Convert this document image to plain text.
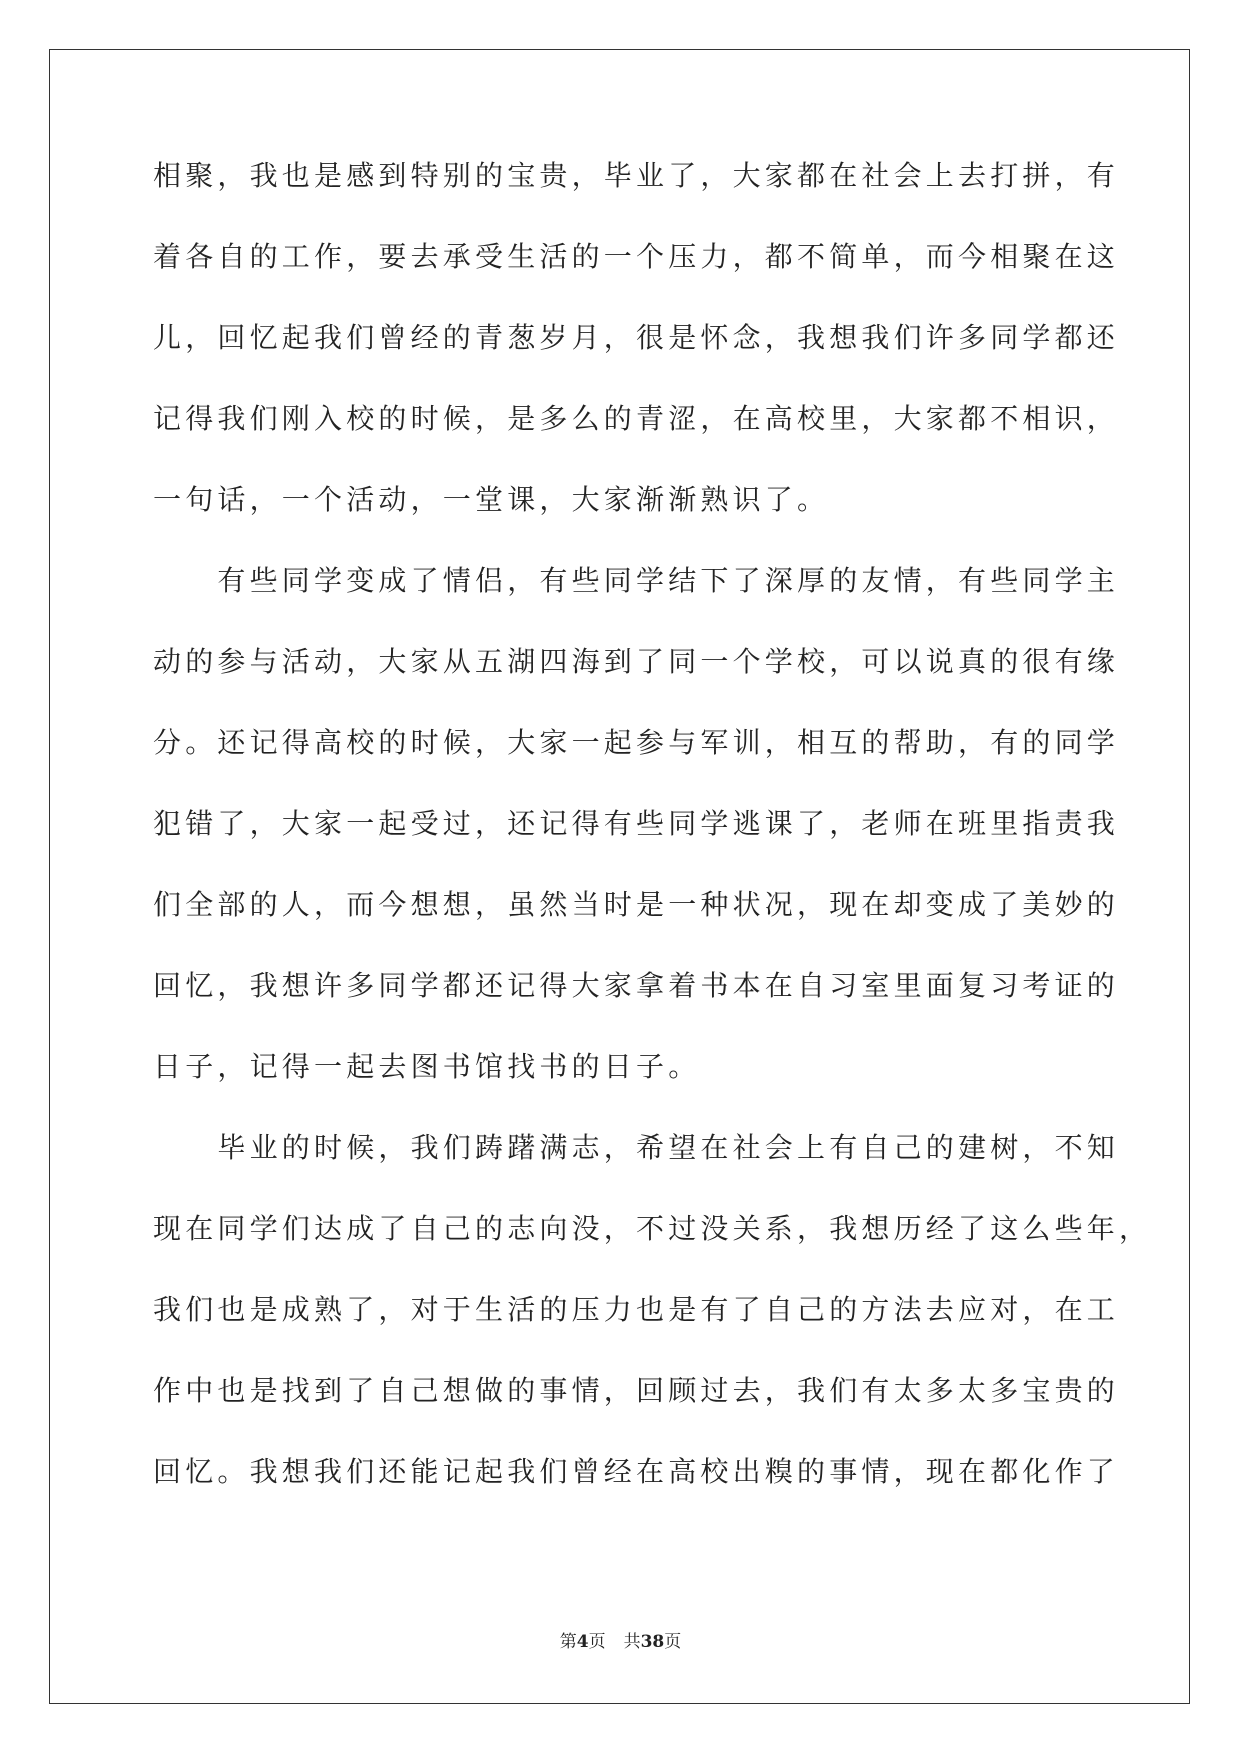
相聚，我也是感到特别的宝贵，毕业了，大家都在社会上去打拼，有
着各自的工作，要去承受生活的一个压力，都不简单，而今相聚在这
儿，回忆起我们曾经的青葱岁月，很是怀念，我想我们许多同学都还
记得我们刚入校的时候，是多么的青涩，在高校里，大家都不相识，
一句话，一个活动，一堂课，大家渐渐熟识了。
　　有些同学变成了情侣，有些同学结下了深厚的友情，有些同学主
动的参与活动，大家从五湖四海到了同一个学校，可以说真的很有缘
分。还记得高校的时候，大家一起参与军训，相互的帮助，有的同学
犯错了，大家一起受过，还记得有些同学逃课了，老师在班里指责我
们全部的人，而今想想，虽然当时是一种状况，现在却变成了美妙的
回忆，我想许多同学都还记得大家拿着书本在自习室里面复习考证的
日子，记得一起去图书馆找书的日子。
　　毕业的时候，我们踌躇满志，希望在社会上有自己的建树，不知
现在同学们达成了自己的志向没，不过没关系，我想历经了这么些年，
我们也是成熟了，对于生活的压力也是有了自己的方法去应对，在工
作中也是找到了自己想做的事情，回顾过去，我们有太多太多宝贵的
回忆。我想我们还能记起我们曾经在高校出糗的事情，现在都化作了
第4页 共38页
